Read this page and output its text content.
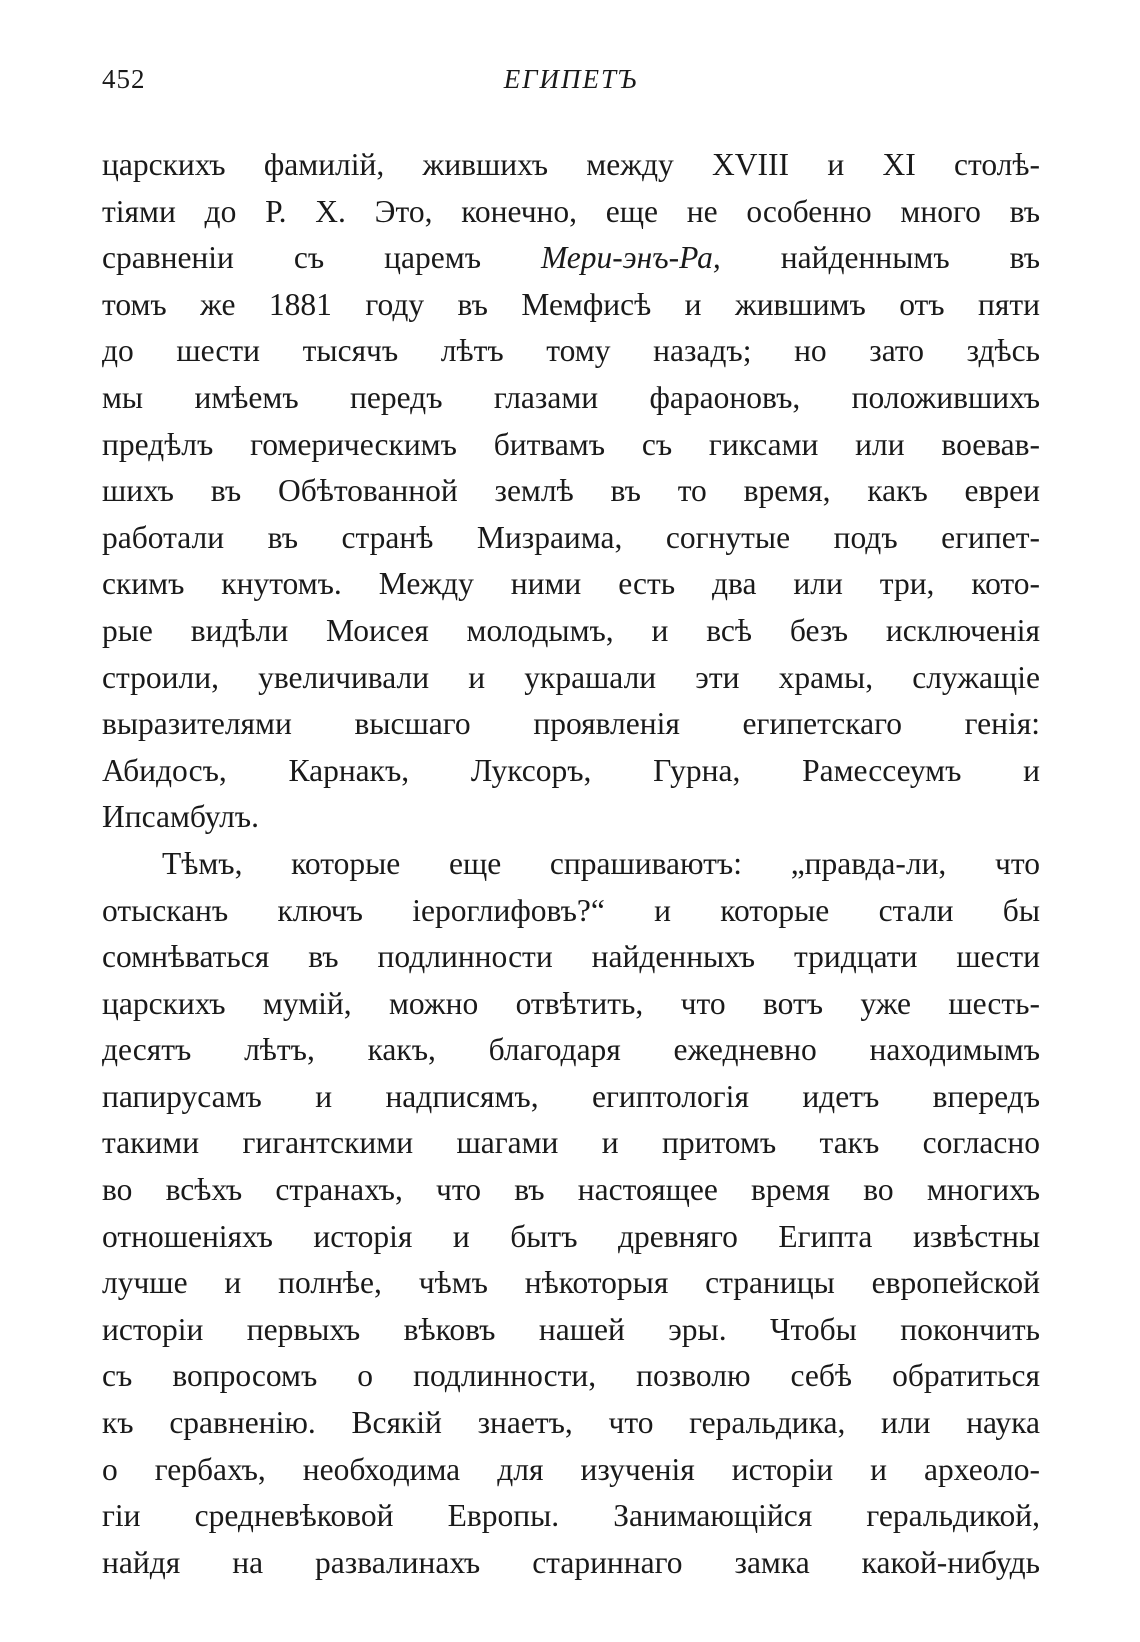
452	ЕГИПЕТЪ
царскихъ фамилій, жившихъ между XVIII и XI столѣ-
тіями до Р. Х. Это, конечно, еще не особенно много въ
сравненіи съ царемъ Мери-энъ-Ра, найденнымъ въ
томъ же 1881 году въ Мемфисѣ и жившимъ отъ пяти
до шести тысячъ лѣтъ тому назадъ; но зато здѣсь
мы имѣемъ передъ глазами фараоновъ, положившихъ
предѣлъ гомерическимъ битвамъ съ гиксами или воевав-
шихъ въ Обѣтованной землѣ въ то время, какъ евреи
работали въ странѣ Мизраима, согнутые подъ египет-
скимъ кнутомъ. Между ними есть два или три, кото-
рые видѣли Моисея молодымъ, и всѣ безъ исключенія
строили, увеличивали и украшали эти храмы, служащіе
выразителями высшаго проявленія египетскаго генія:
Абидосъ, Карнакъ, Луксоръ, Гурна, Рамессеумъ и
Ипсамбулъ.
Тѣмъ, которые еще спрашиваютъ: „правда-ли, что
отысканъ ключъ іероглифовъ?“ и которые стали бы
сомнѣваться въ подлинности найденныхъ тридцати шести
царскихъ мумій, можно отвѣтить, что вотъ уже шесть-
десятъ лѣтъ, какъ, благодаря ежедневно находимымъ
папирусамъ и надписямъ, египтологія идетъ впередъ
такими гигантскими шагами и притомъ такъ согласно
во всѣхъ странахъ, что въ настоящее время во многихъ
отношеніяхъ исторія и бытъ древняго Египта извѣстны
лучше и полнѣе, чѣмъ нѣкоторыя страницы европейской
исторіи первыхъ вѣковъ нашей эры. Чтобы покончить
съ вопросомъ о подлинности, позволю себѣ обратиться
къ сравненію. Всякій знаетъ, что геральдика, или наука
о гербахъ, необходима для изученія исторіи и археоло-
гіи средневѣковой Европы. Занимающійся геральдикой,
найдя на развалинахъ стариннаго замка какой-нибудь
